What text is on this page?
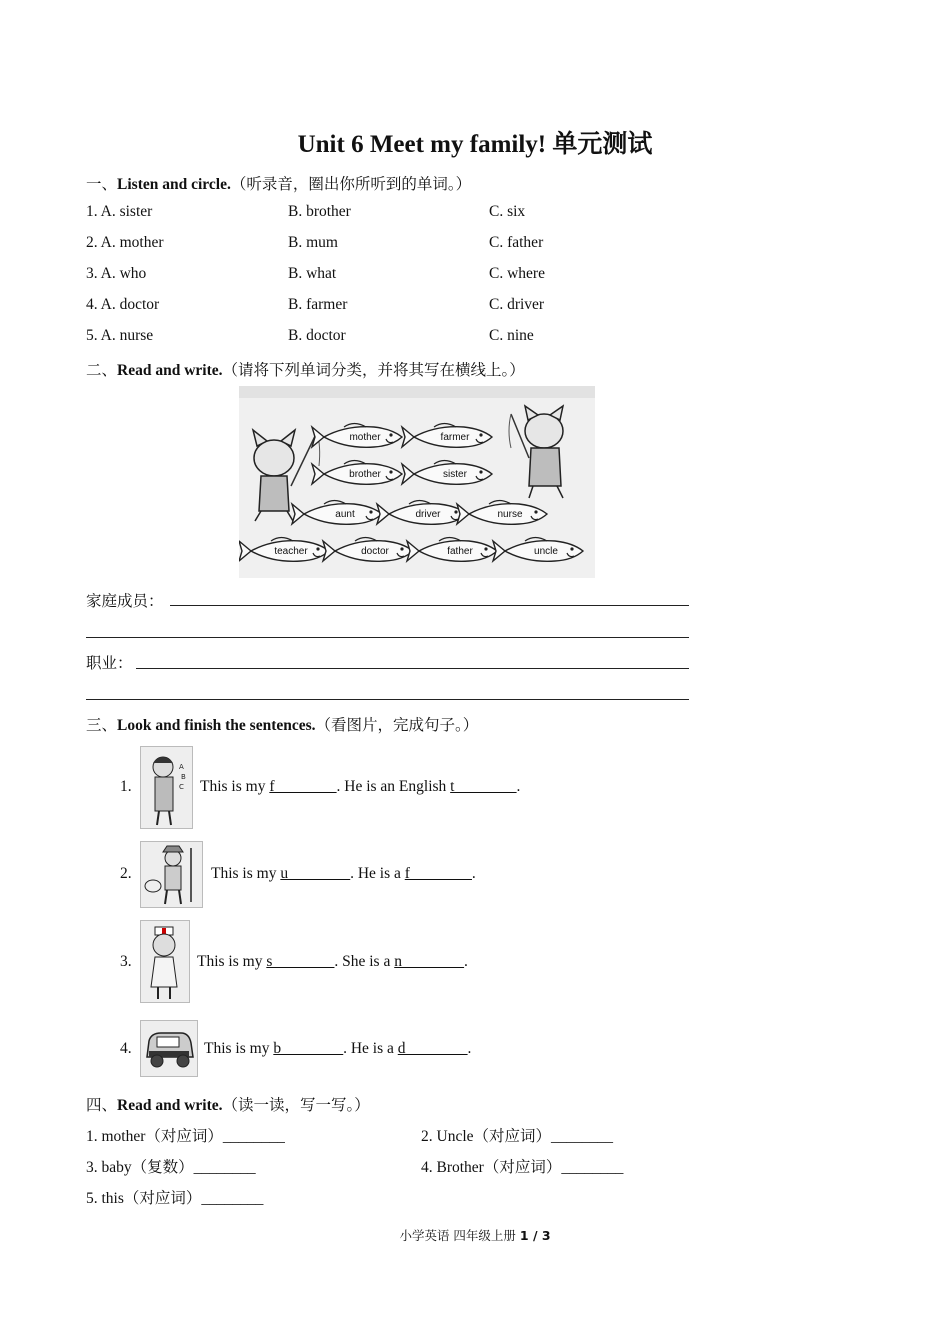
Unit 6 Meet my family! 单元测试
一、Listen and circle.（听录音，圈出你所听到的单词。）
1. A. sister	B. brother	C. six
2. A. mother	B. mum	C. father
3. A. who	B. what	C. where
4. A. doctor	B. farmer	C. driver
5. A. nurse	B. doctor	C. nine
二、Read and write.（请将下列单词分类，并将其写在横线上。）
mother	farmer
brother	sister
aunt	driver	nurse
teacher	doctor	father	uncle
家庭成员：
职业：
三、Look and finish the sentences.（看图片，完成句子。）
1.
A
B
C This is my f________. He is an English t________.
2.	This is my u________. He is a f________.
3.	This is my s________. She is a n________.
4.	This is my b________. He is a d________.
四、Read and write.（读一读，写一写。）
1. mother（对应词）________	2. Uncle（对应词）________
3. baby（复数）________	4. Brother（对应词）________
5. this（对应词）________
小学英语 四年级上册 1 / 3
